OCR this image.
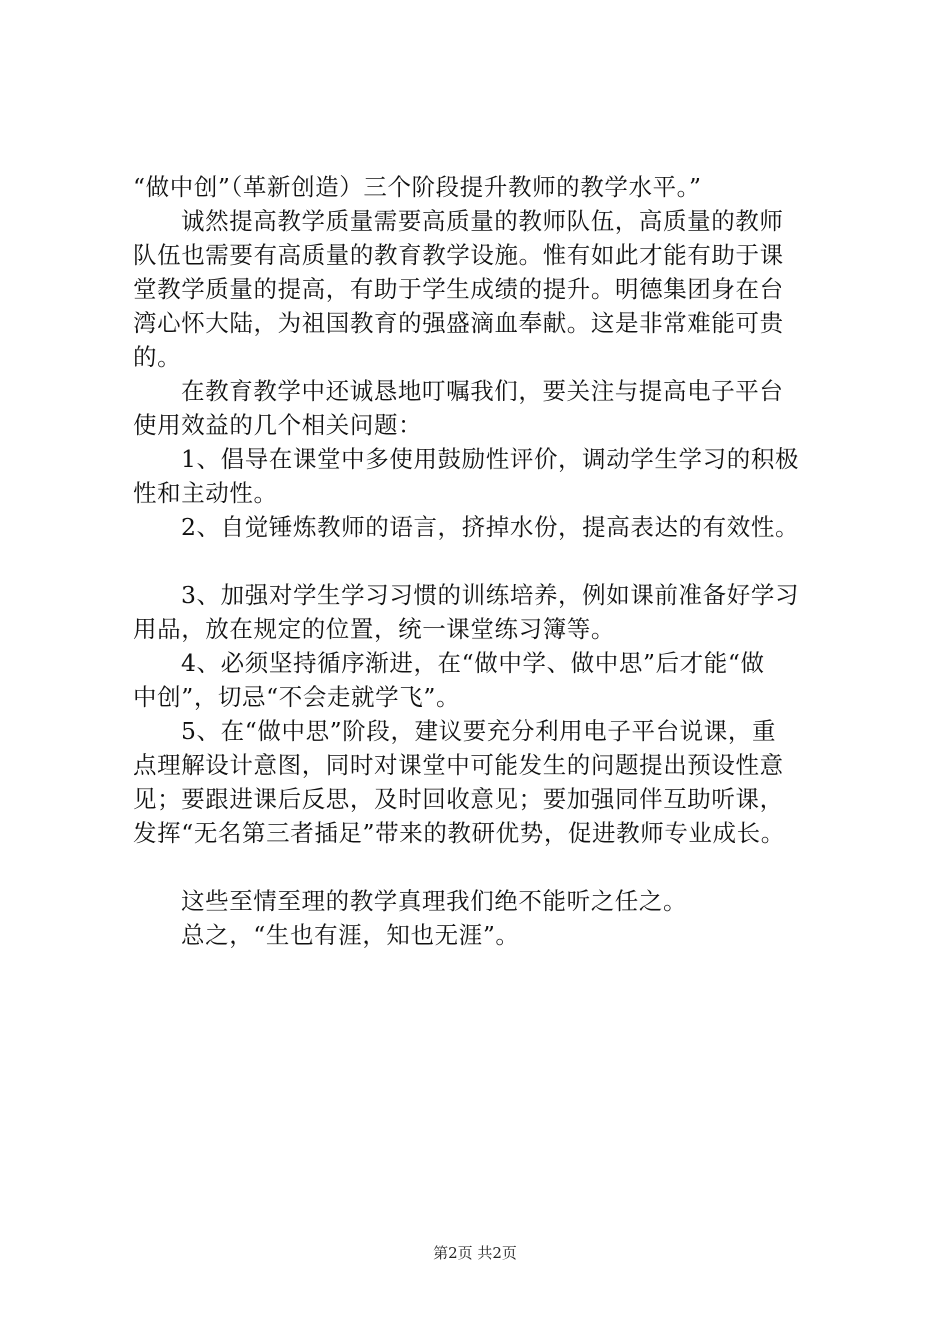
“做中创”（革新创造）三个阶段提升教师的教学水平。”
诚然提高教学质量需要高质量的教师队伍，高质量的教师
队伍也需要有高质量的教育教学设施。惟有如此才能有助于课
堂教学质量的提高，有助于学生成绩的提升。明德集团身在台
湾心怀大陆，为祖国教育的强盛滴血奉献。这是非常难能可贵
的。
在教育教学中还诚恳地叮嘱我们，要关注与提高电子平台
使用效益的几个相关问题：
1、倡导在课堂中多使用鼓励性评价，调动学生学习的积极
性和主动性。
2、自觉锤炼教师的语言，挤掉水份，提高表达的有效性。
3、加强对学生学习习惯的训练培养，例如课前准备好学习
用品，放在规定的位置，统一课堂练习簿等。
4、必须坚持循序渐进，在“做中学、做中思”后才能“做
中创”，切忌“不会走就学飞”。
5、在“做中思”阶段，建议要充分利用电子平台说课，重
点理解设计意图，同时对课堂中可能发生的问题提出预设性意
见；要跟进课后反思，及时回收意见；要加强同伴互助听课，
发挥“无名第三者插足”带来的教研优势，促进教师专业成长。
这些至情至理的教学真理我们绝不能听之任之。
总之，“生也有涯，知也无涯”。
第2页 共2页
